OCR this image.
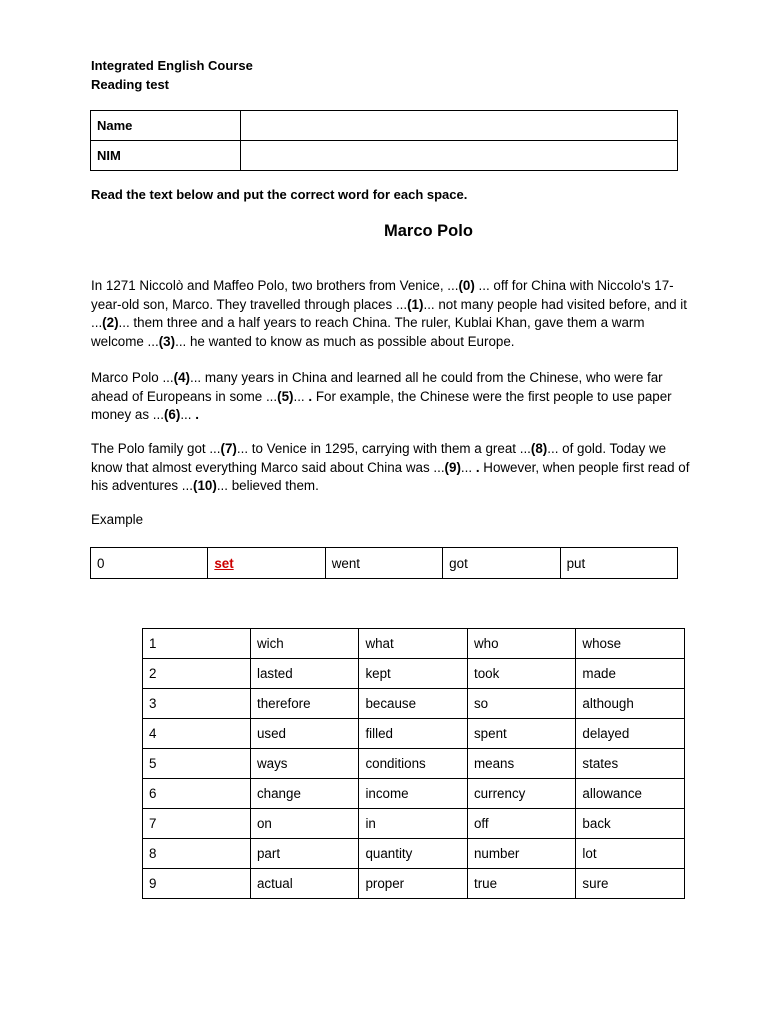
Integrated English Course
Reading test
Name	
NIM	
Read the text below and put the correct word for each space.
Marco Polo
In 1271 Niccolò and Maffeo Polo, two brothers from Venice, ...(0) ... off for China with Niccolo's 17-year-old son, Marco. They travelled through places ...(1)... not many people had visited before, and it ...(2)... them three and a half years to reach China. The ruler, Kublai Khan, gave them a warm welcome ...(3)... he wanted to know as much as possible about Europe.
Marco Polo ...(4)... many years in China and learned all he could from the Chinese, who were far ahead of Europeans in some ...(5)... . For example, the Chinese were the first people to use paper money as ...(6)... .
The Polo family got ...(7)... to Venice in 1295, carrying with them a great ...(8)... of gold. Today we know that almost everything Marco said about China was ...(9)... . However, when people first read of his adventures ...(10)... believed them.
Example
0	set	went	got	put
1	wich	what	who	whose
2	lasted	kept	took	made
3	therefore	because	so	although
4	used	filled	spent	delayed
5	ways	conditions	means	states
6	change	income	currency	allowance
7	on	in	off	back
8	part	quantity	number	lot
9	actual	proper	true	sure
